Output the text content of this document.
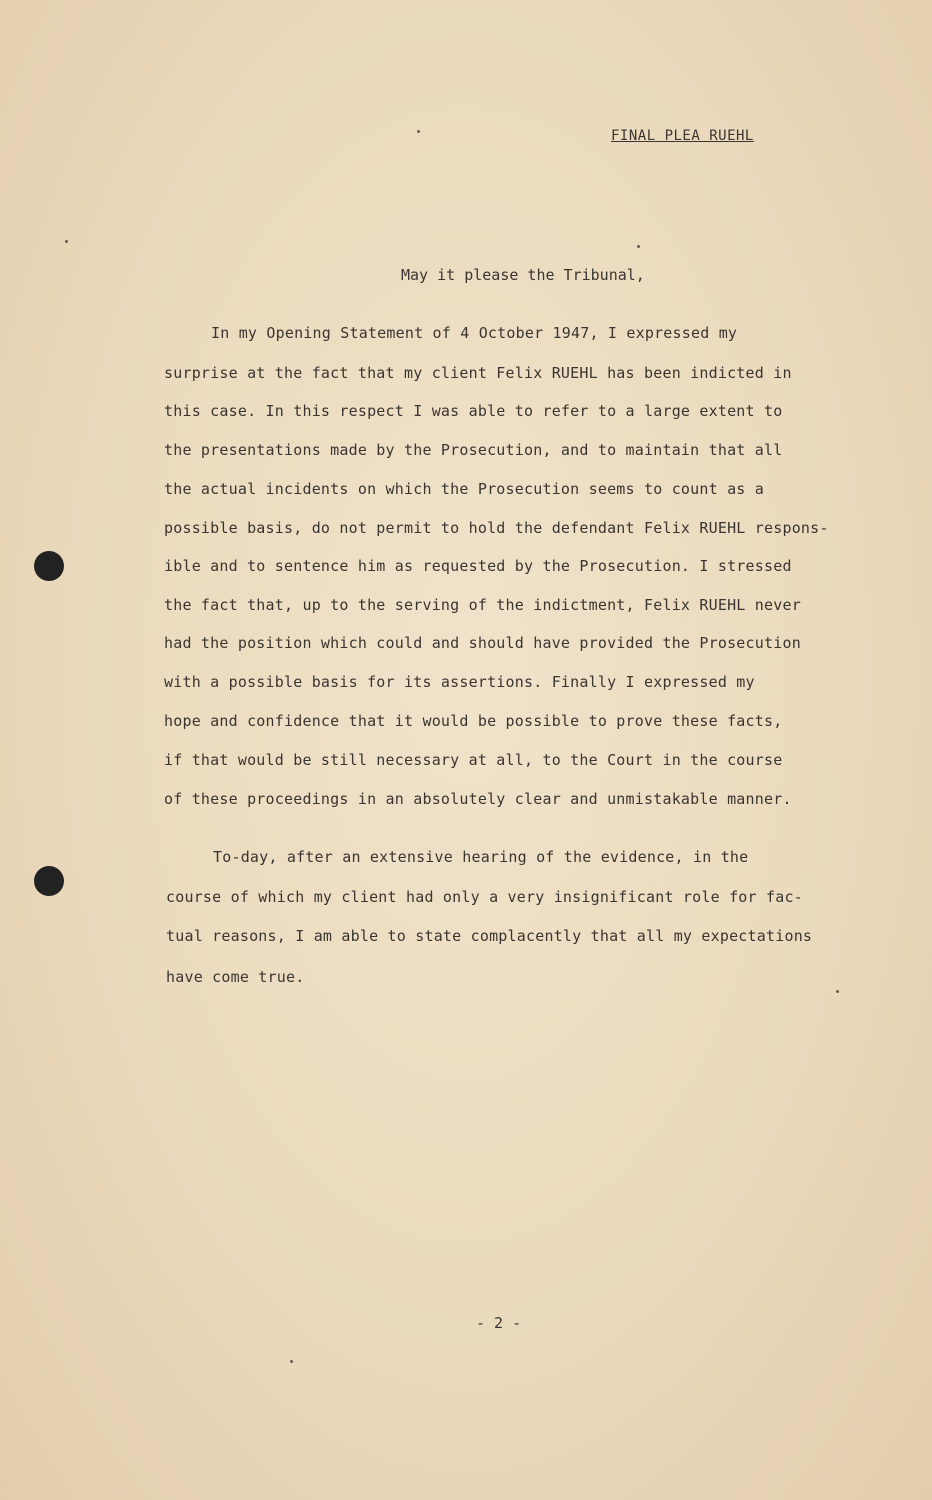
FINAL PLEA RUEHL
May it please the Tribunal,
In my Opening Statement of 4 October 1947, I expressed my
surprise at the fact that my client Felix RUEHL has been indicted in
this case. In this respect I was able to refer to a large extent to
the presentations made by the Prosecution, and to maintain that all
the actual incidents on which the Prosecution seems to count as a
possible basis, do not permit to hold the defendant Felix RUEHL respons-
ible and to sentence him as requested by the Prosecution. I stressed
the fact that, up to the serving of the indictment, Felix RUEHL never
had the position which could and should have provided the Prosecution
with a possible basis for its assertions. Finally I expressed my
hope and confidence that it would be possible to prove these facts,
if that would be still necessary at all, to the Court in the course
of these proceedings in an absolutely clear and unmistakable manner.
To-day, after an extensive hearing of the evidence, in the
course of which my client had only a very insignificant role for fac-
tual reasons, I am able to state complacently that all my expectations
have come true.
- 2 -
